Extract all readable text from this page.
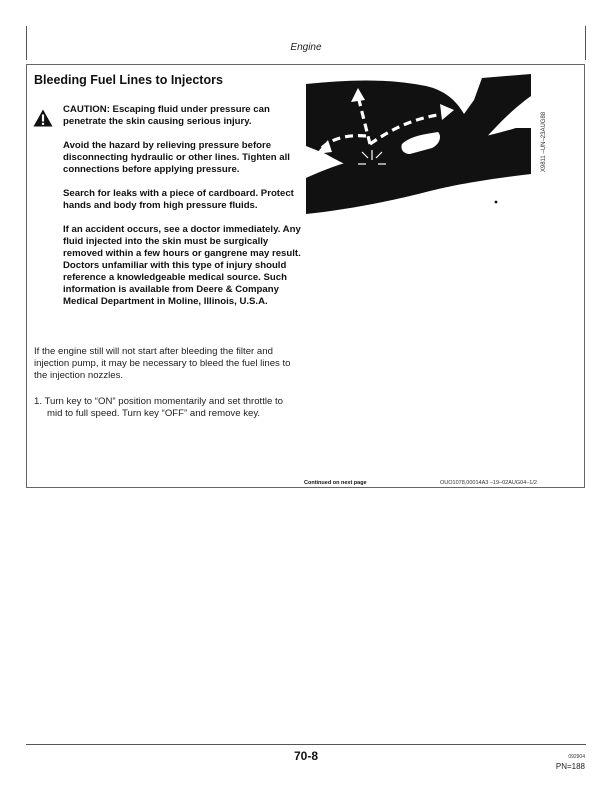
Engine
Bleeding Fuel Lines to Injectors

CAUTION: Escaping fluid under pressure can penetrate the skin causing serious injury.

Avoid the hazard by relieving pressure before disconnecting hydraulic or other lines. Tighten all connections before applying pressure.

Search for leaks with a piece of cardboard. Protect hands and body from high pressure fluids.

If an accident occurs, see a doctor immediately. Any fluid injected into the skin must be surgically removed within a few hours or gangrene may result. Doctors unfamiliar with this type of injury should reference a knowledgeable medical source. Such information is available from Deere & Company Medical Department in Moline, Illinois, U.S.A.

If the engine still will not start after bleeding the filter and injection pump, it may be necessary to bleed the fuel lines to the injection nozzles.

1. Turn key to “ON” position momentarily and set throttle to mid to full speed. Turn key “OFF” and remove key.

X9811 –UN–23AUG88
Continued on next page	OUO1078,00014A3 –19–02AUG04–1/2
70-8	092904
PN=188
